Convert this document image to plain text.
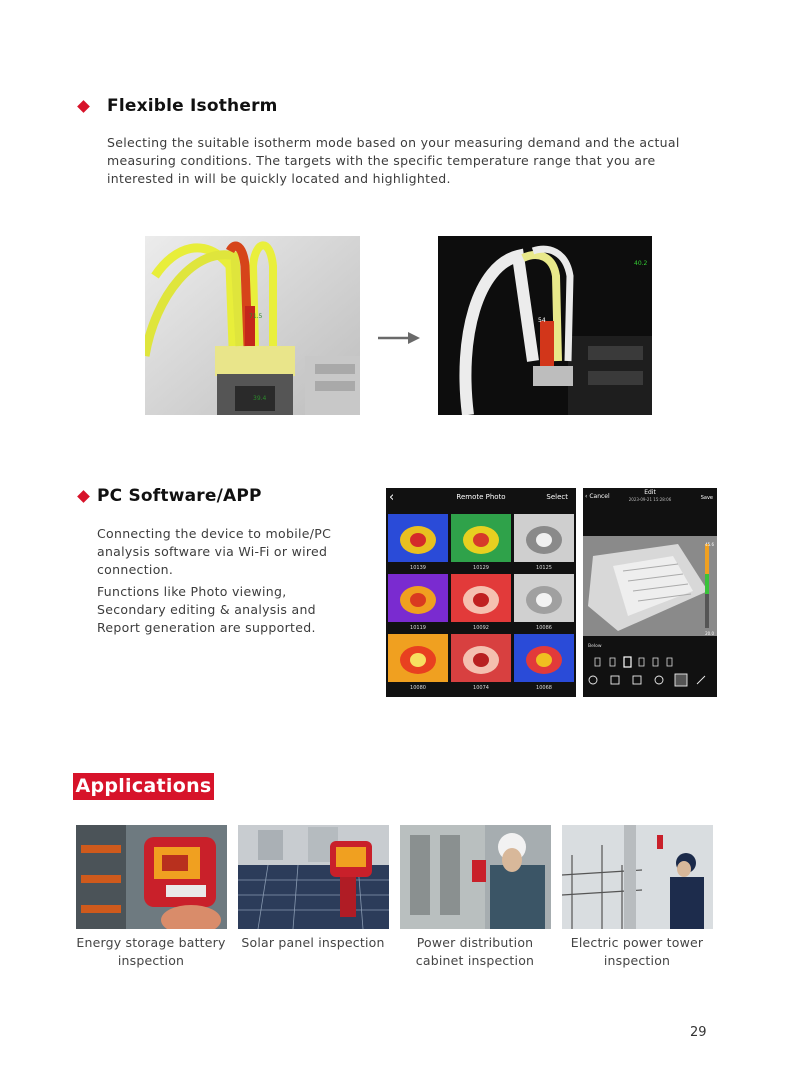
Flexible Isotherm

Selecting the suitable isotherm mode based on your measuring demand and the actual measuring conditions. The targets with the specific temperature range that you are interested in will be quickly located and highlighted.

71.5
39.4
54
40.2
PC Software/APP

Connecting the device to mobile/PC analysis software via Wi-Fi or wired connection.

Functions like Photo viewing, Secondary editing & analysis and Report generation are supported.

‹	Remote Photo	Select
10139	10129	10125
10119	10092	10086
10080	10074	10068
‹ Cancel
Edit
2023-09-21 15:28:06	Save
45.6
20.0
Below
Applications
Energy storage battery
inspection
Solar panel inspection	Power distribution
cabinet inspection
Electric power tower
inspection
29
